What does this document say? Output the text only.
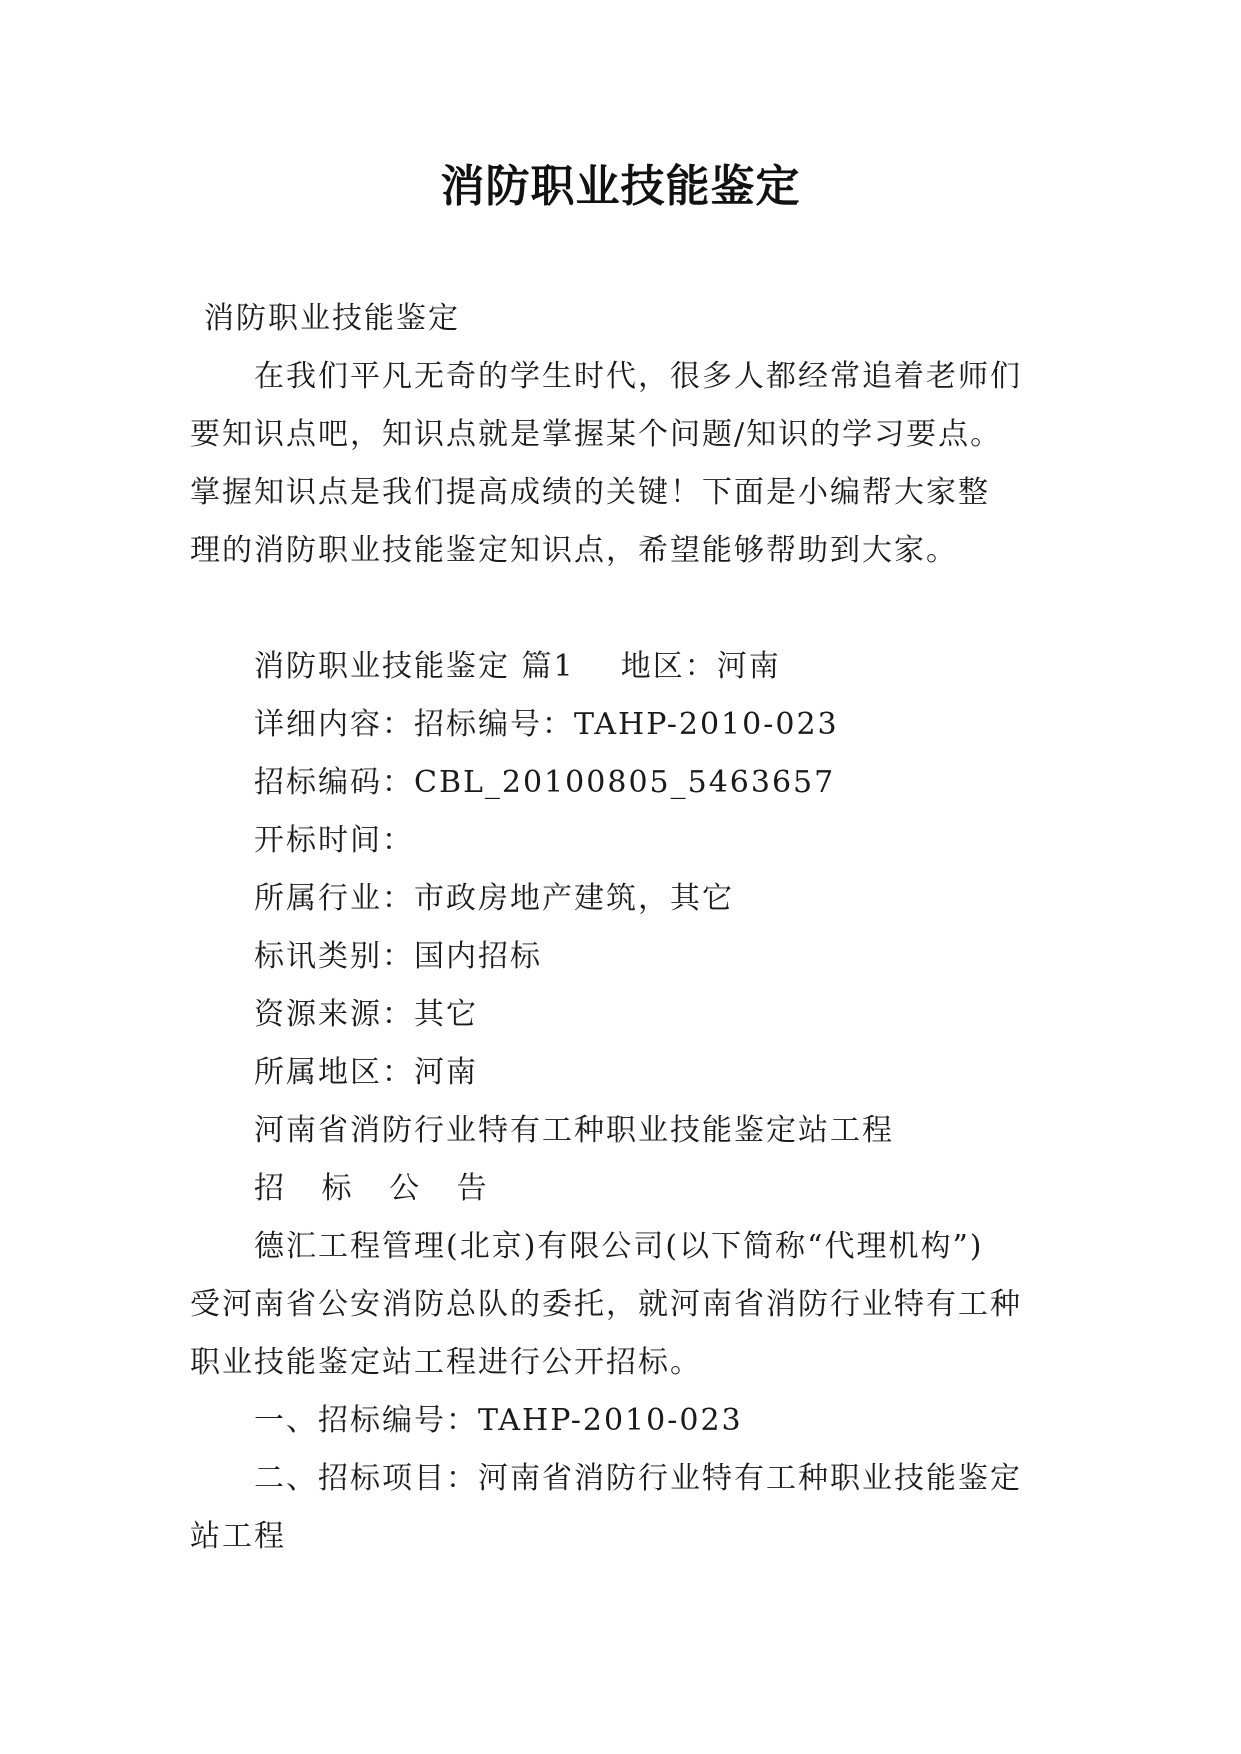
消防职业技能鉴定
消防职业技能鉴定
在我们平凡无奇的学生时代，很多人都经常追着老师们
要知识点吧，知识点就是掌握某个问题/知识的学习要点。
掌握知识点是我们提高成绩的关键！下面是小编帮大家整
理的消防职业技能鉴定知识点，希望能够帮助到大家。
消防职业技能鉴定 篇1    地区：河南
详细内容：招标编号：TAHP-2010-023
招标编码：CBL_20100805_5463657
开标时间：
所属行业：市政房地产建筑，其它
标讯类别：国内招标
资源来源：其它
所属地区：河南
河南省消防行业特有工种职业技能鉴定站工程
招 标 公 告
德汇工程管理(北京)有限公司(以下简称“代理机构”)
受河南省公安消防总队的委托，就河南省消防行业特有工种
职业技能鉴定站工程进行公开招标。
一、招标编号：TAHP-2010-023
二、招标项目：河南省消防行业特有工种职业技能鉴定
站工程
